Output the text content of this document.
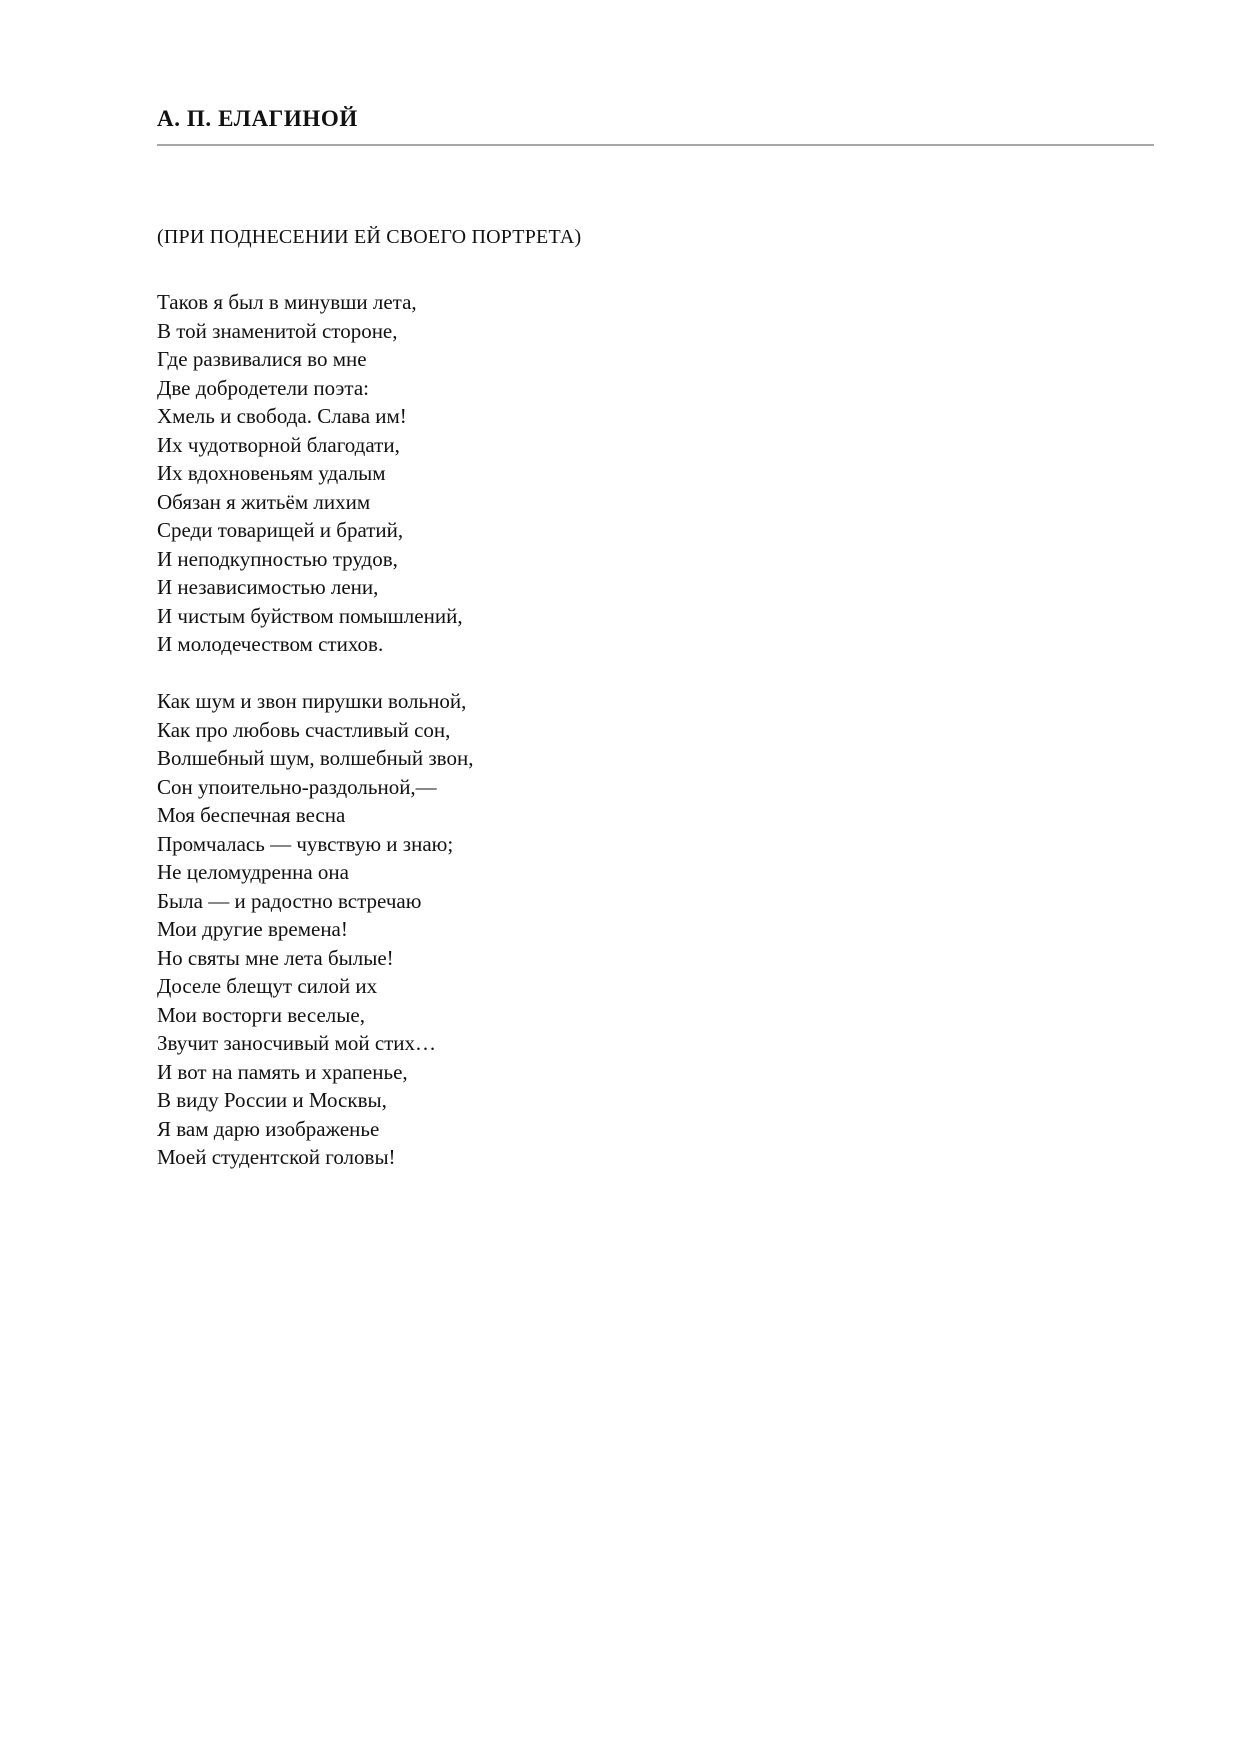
А. П. ЕЛАГИНОЙ
(ПРИ ПОДНЕСЕНИИ ЕЙ СВОЕГО ПОРТРЕТА)
Таков я был в минувши лета,
В той знаменитой стороне,
Где развивалися во мне
Две добродетели поэта:
Хмель и свобода. Слава им!
Их чудотворной благодати,
Их вдохновеньям удалым
Обязан я житьём лихим
Среди товарищей и братий,
И неподкупностью трудов,
И независимостью лени,
И чистым буйством помышлений,
И молодечеством стихов.
Как шум и звон пирушки вольной,
Как про любовь счастливый сон,
Волшебный шум, волшебный звон,
Сон упоительно-раздольной,—
Моя беспечная весна
Промчалась — чувствую и знаю;
Не целомудренна она
Была — и радостно встречаю
Мои другие времена!
Но святы мне лета былые!
Доселе блещут силой их
Мои восторги веселые,
Звучит заносчивый мой стих…
И вот на память и храпенье,
В виду России и Москвы,
Я вам дарю изображенье
Моей студентской головы!
